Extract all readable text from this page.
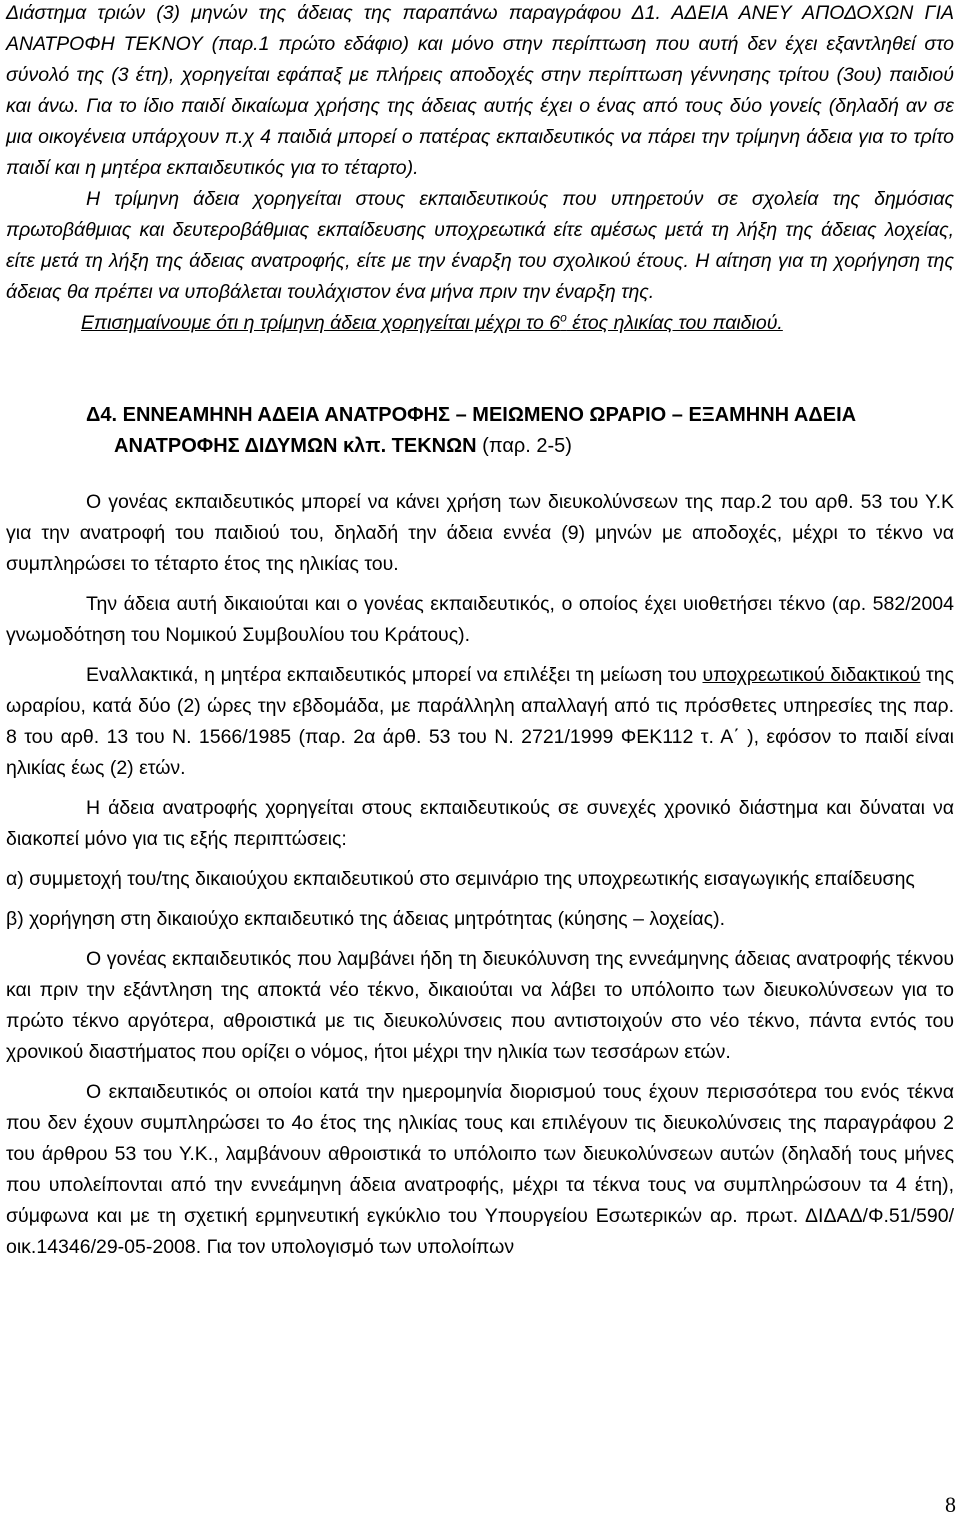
Διάστημα τριών (3) μηνών της άδειας της παραπάνω παραγράφου Δ1. ΑΔΕΙΑ ΑΝΕΥ ΑΠΟΔΟΧΩΝ ΓΙΑ ΑΝΑΤΡΟΦΗ ΤΕΚΝΟΥ (παρ.1 πρώτο εδάφιο) και μόνο στην περίπτωση που αυτή δεν έχει εξαντληθεί στο σύνολό της (3 έτη), χορηγείται εφάπαξ με πλήρεις αποδοχές στην περίπτωση γέννησης τρίτου (3ου) παιδιού και άνω. Για το ίδιο παιδί δικαίωμα χρήσης της άδειας αυτής έχει ο ένας από τους δύο γονείς (δηλαδή αν σε μια οικογένεια υπάρχουν π.χ 4 παιδιά μπορεί ο πατέρας εκπαιδευτικός να πάρει την τρίμηνη άδεια για το τρίτο παιδί και η μητέρα εκπαιδευτικός για το τέταρτο).

Η τρίμηνη άδεια χορηγείται στους εκπαιδευτικούς που υπηρετούν σε σχολεία της δημόσιας πρωτοβάθμιας και δευτεροβάθμιας εκπαίδευσης υποχρεωτικά είτε αμέσως μετά τη λήξη της άδειας λοχείας, είτε μετά τη λήξη της άδειας ανατροφής, είτε με την έναρξη του σχολικού έτους. Η αίτηση για τη χορήγηση της άδειας θα πρέπει να υποβάλεται τουλάχιστον ένα μήνα πριν την έναρξη της.

Επισημαίνουμε ότι η τρίμηνη άδεια χορηγείται μέχρι το $6^o$ έτος ηλικίας του παιδιού.

Δ4. ΕΝΝΕΑΜΗΝΗ ΑΔΕΙΑ ΑΝΑΤΡΟΦΗΣ – ΜΕΙΩΜΕΝΟ ΩΡΑΡΙΟ – ΕΞΑΜΗΝΗ ΑΔΕΙΑ ΑΝΑΤΡΟΦΗΣ ΔΙΔΥΜΩΝ κλπ. ΤΕΚΝΩΝ (παρ. 2-5)

Ο γονέας εκπαιδευτικός μπορεί να κάνει χρήση των διευκολύνσεων της παρ.2 του αρθ. 53 του Υ.Κ για την ανατροφή του παιδιού του, δηλαδή την άδεια εννέα (9) μηνών με αποδοχές, μέχρι το τέκνο να συμπληρώσει το τέταρτο έτος της ηλικίας του.

Την άδεια αυτή δικαιούται και ο γονέας εκπαιδευτικός, ο οποίος έχει υιοθετήσει τέκνο (αρ. 582/2004 γνωμοδότηση του Νομικού Συμβουλίου του Κράτους).

Εναλλακτικά, η μητέρα εκπαιδευτικός μπορεί να επιλέξει τη μείωση του υποχρεωτικού διδακτικού της ωραρίου, κατά δύο (2) ώρες την εβδομάδα, με παράλληλη απαλλαγή από τις πρόσθετες υπηρεσίες της παρ. 8 του αρθ. 13 του Ν. 1566/1985 (παρ. 2α άρθ. 53 του Ν. 2721/1999 ΦΕΚ112 τ. Α΄ ), εφόσον το παιδί είναι ηλικίας έως (2) ετών.

Η άδεια ανατροφής χορηγείται στους εκπαιδευτικούς σε συνεχές χρονικό διάστημα και δύναται να διακοπεί μόνο για τις εξής περιπτώσεις:

α) συμμετοχή του/της δικαιούχου εκπαιδευτικού στο σεμινάριο της υποχρεωτικής εισαγωγικής επαίδευσης

β) χορήγηση στη δικαιούχο εκπαιδευτικό της άδειας μητρότητας (κύησης – λοχείας).

Ο γονέας εκπαιδευτικός που λαμβάνει ήδη τη διευκόλυνση της εννεάμηνης άδειας ανατροφής τέκνου και πριν την εξάντληση της αποκτά νέο τέκνο, δικαιούται να λάβει το υπόλοιπο των διευκολύνσεων για το πρώτο τέκνο αργότερα, αθροιστικά με τις διευκολύνσεις που αντιστοιχούν στο νέο τέκνο, πάντα εντός του χρονικού διαστήματος που ορίζει ο νόμος, ήτοι μέχρι την ηλικία των τεσσάρων ετών.

Ο εκπαιδευτικός οι οποίοι κατά την ημερομηνία διορισμού τους έχουν περισσότερα του ενός τέκνα που δεν έχουν συμπληρώσει το 4ο έτος της ηλικίας τους και επιλέγουν τις διευκολύνσεις της παραγράφου 2 του άρθρου 53 του Υ.Κ., λαμβάνουν αθροιστικά το υπόλοιπο των διευκολύνσεων αυτών (δηλαδή τους μήνες που υπολείπονται από την εννεάμηνη άδεια ανατροφής, μέχρι τα τέκνα τους να συμπληρώσουν τα 4 έτη), σύμφωνα και με τη σχετική ερμηνευτική εγκύκλιο του Υπουργείου Εσωτερικών αρ. πρωτ. ΔΙΔΑΔ/Φ.51/590/οικ.14346/29-05-2008. Για τον υπολογισμό των υπολοίπων

8
